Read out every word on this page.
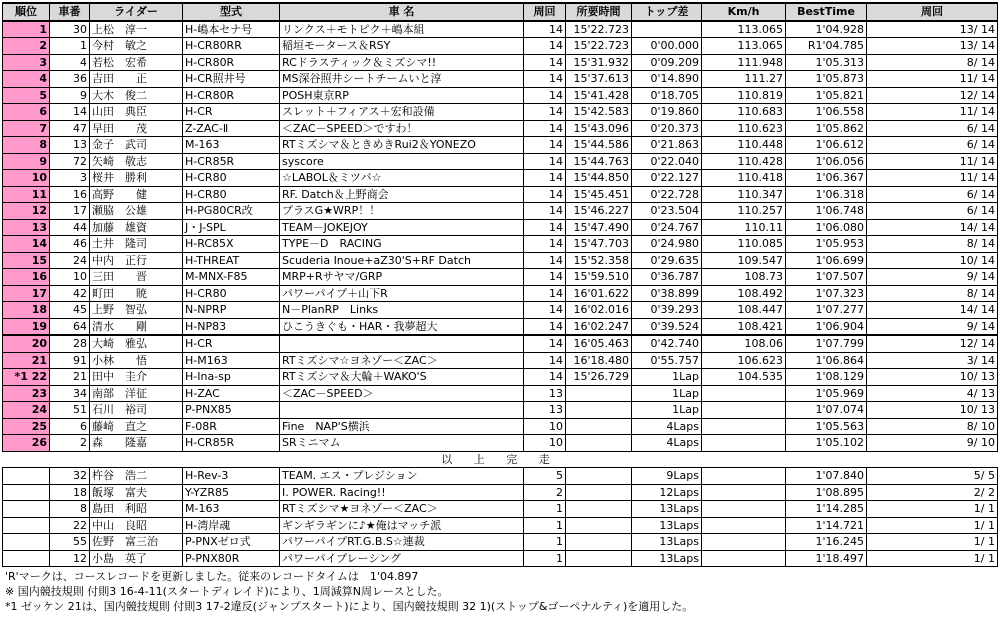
順位	車番	ライダー	型式	車 名	周回	所要時間	トップ差	Km/h	BestTime	周回
1	30	上松　淳一	H-嶋本セナ号	リンクス＋モトピク＋嶋本組	14	15'22.723		113.065	1'04.928	13/ 14
2	1	今村　敏之	H-CR80RR	稲垣モータース＆RSY	14	15'22.723	0'00.000	113.065	R1'04.785	13/ 14
3	4	若松　宏希	H-CR80R	RCドラスティック＆ミズシマ!!	14	15'31.932	0'09.209	111.948	1'05.313	8/ 14
4	36	吉田　　正	H-CR照井号	MS深谷照井シートチームいと淳	14	15'37.613	0'14.890	111.27	1'05.873	11/ 14
5	9	大木　俊二	H-CR80R	POSH東京RP	14	15'41.428	0'18.705	110.819	1'05.821	12/ 14
6	14	山田　典臣	H-CR	スレット＋フィアス＋宏和設備	14	15'42.583	0'19.860	110.683	1'06.558	11/ 14
7	47	早田　　茂	Z-ZAC-Ⅱ	＜ZAC－SPEED＞ですわ！	14	15'43.096	0'20.373	110.623	1'05.862	6/ 14
8	13	金子　武司	M-163	RTミズシマ＆ときめきRui2＆YONEZO	14	15'44.586	0'21.863	110.448	1'06.612	6/ 14
9	72	矢崎　敬志	H-CR85R	syscore	14	15'44.763	0'22.040	110.428	1'06.056	11/ 14
10	3	桜井　勝利	H-CR80	☆LABOL＆ミツバ☆	14	15'44.850	0'22.127	110.418	1'06.367	11/ 14
11	16	高野　　健	H-CR80	RF. Datch＆上野商会	14	15'45.451	0'22.728	110.347	1'06.318	6/ 14
12	17	瀬脇　公雄	H-PG80CR改	プラスG★WRP！！	14	15'46.227	0'23.504	110.257	1'06.748	6/ 14
13	44	加藤　雄資	J・J-SPL	TEAM－JOKEJOY	14	15'47.490	0'24.767	110.11	1'06.080	14/ 14
14	46	土井　隆司	H-RC85X	TYPE－D　RACING	14	15'47.703	0'24.980	110.085	1'05.953	8/ 14
15	24	中内　正行	H-THREAT	Scuderia Inoue+aZ30'S+RF Datch	14	15'52.358	0'29.635	109.547	1'06.699	10/ 14
16	10	三田　　晋	M-MNX-F85	MRP+Rサヤマ/GRP	14	15'59.510	0'36.787	108.73	1'07.507	9/ 14
17	42	町田　　暁	H-CR80	パワーパイプ＋山下R	14	16'01.622	0'38.899	108.492	1'07.323	8/ 14
18	45	上野　智弘	N-NPRP	N－PlanRP　Links	14	16'02.016	0'39.293	108.447	1'07.277	14/ 14
19	64	清水　　剛	H-NP83	ひこうきぐも・HAR・我夢超大	14	16'02.247	0'39.524	108.421	1'06.904	9/ 14
20	28	大崎　雅弘	H-CR		14	16'05.463	0'42.740	108.06	1'07.799	12/ 14
21	91	小林　　悟	H-M163	RTミズシマ☆ヨネゾー＜ZAC＞	14	16'18.480	0'55.757	106.623	1'06.864	3/ 14
*1 22	21	田中　圭介	H-Ina-sp	RTミズシマ＆大輪＋WAKO'S	14	15'26.729	1Lap	104.535	1'08.129	10/ 13
23	34	南部　洋征	H-ZAC	＜ZAC－SPEED＞	13		1Lap		1'05.969	4/ 13
24	51	石川　裕司	P-PNX85		13		1Lap		1'07.074	10/ 13
25	6	藤崎　直之	F-08R	Fine　NAP'S横浜	10		4Laps		1'05.563	8/ 10
26	2	森　　隆嘉	H-CR85R	SRミニマム	10		4Laps		1'05.102	9/ 10
以 上 完 走										
	32	杵谷　浩二	H-Rev-3	TEAM. エス・プレジション	5		9Laps		1'07.840	5/ 5
	18	飯塚　富夫	Y-YZR85	I. POWER. Racing!!	2		12Laps		1'08.895	2/ 2
	8	島田　利昭	M-163	RTミズシマ★ヨネゾー＜ZAC＞	1		13Laps		1'14.285	1/ 1
	22	中山　良昭	H-湾岸魂	ギンギラギンに♪★俺はマッチ派	1		13Laps		1'14.721	1/ 1
	55	佐野　富三治	P-PNXゼロ式	パワーパイプRT.G.B.S☆連裁	1		13Laps		1'16.245	1/ 1
	12	小島　英了	P-PNX80R	パワーパイプレーシング	1		13Laps		1'18.497	1/ 1
'R'マークは、コースレコードを更新しました。従来のレコードタイムは　1'04.897
※ 国内競技規則 付則3 16-4-11(スタートディレイド)により、1周減算N周レースとした。
*1 ゼッケン 21は、国内競技規則 付則3 17-2違反(ジャンプスタート)により、国内競技規則 32 1)(ストップ&ゴーペナルティ)を適用した。
